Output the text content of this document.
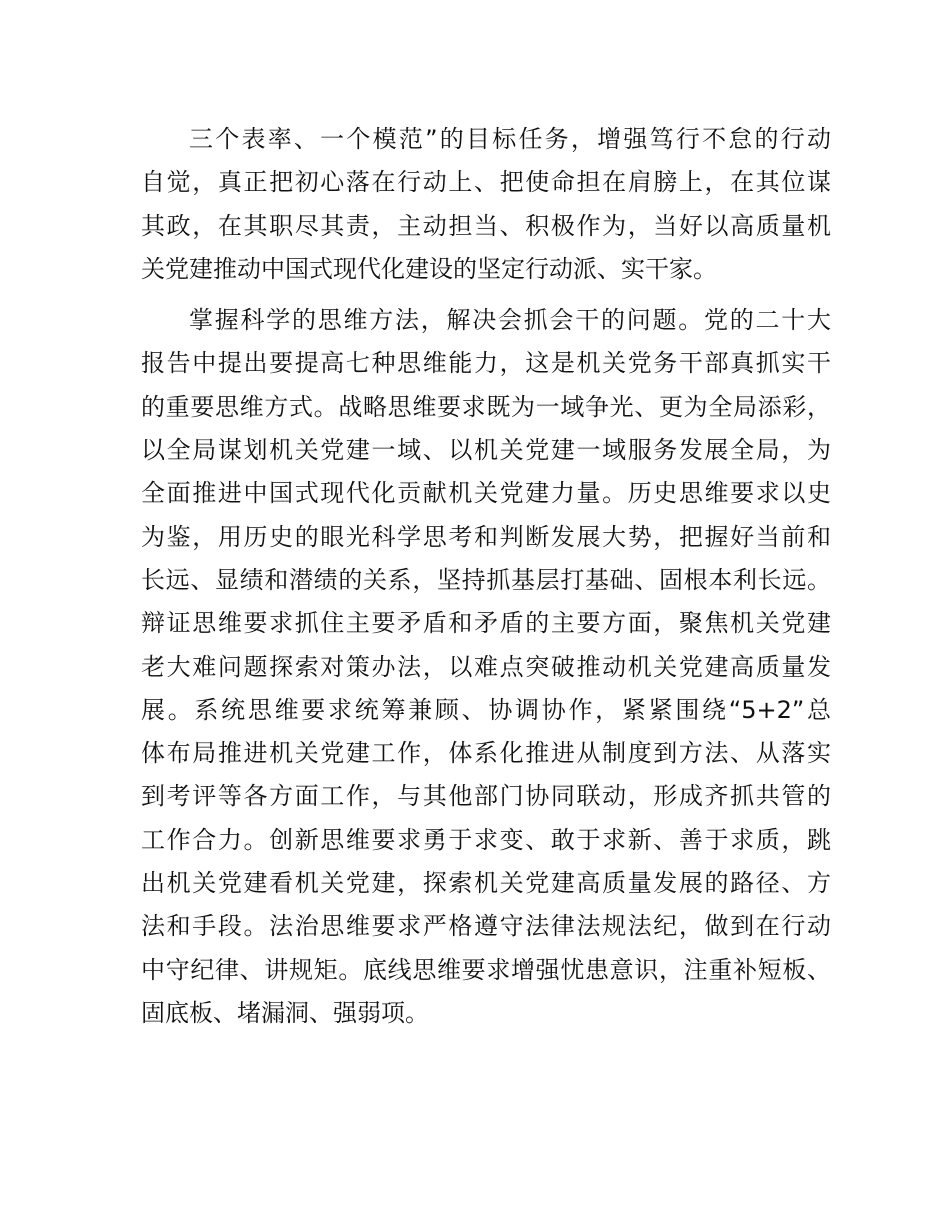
三个表率、一个模范”的目标任务，增强笃行不怠的行动
自觉，真正把初心落在行动上、把使命担在肩膀上，在其位谋
其政，在其职尽其责，主动担当、积极作为，当好以高质量机
关党建推动中国式现代化建设的坚定行动派、实干家。
掌握科学的思维方法，解决会抓会干的问题。党的二十大
报告中提出要提高七种思维能力，这是机关党务干部真抓实干
的重要思维方式。战略思维要求既为一域争光、更为全局添彩，
以全局谋划机关党建一域、以机关党建一域服务发展全局，为
全面推进中国式现代化贡献机关党建力量。历史思维要求以史
为鉴，用历史的眼光科学思考和判断发展大势，把握好当前和
长远、显绩和潜绩的关系，坚持抓基层打基础、固根本利长远。
辩证思维要求抓住主要矛盾和矛盾的主要方面，聚焦机关党建
老大难问题探索对策办法，以难点突破推动机关党建高质量发
展。系统思维要求统筹兼顾、协调协作，紧紧围绕“5+2”总
体布局推进机关党建工作，体系化推进从制度到方法、从落实
到考评等各方面工作，与其他部门协同联动，形成齐抓共管的
工作合力。创新思维要求勇于求变、敢于求新、善于求质，跳
出机关党建看机关党建，探索机关党建高质量发展的路径、方
法和手段。法治思维要求严格遵守法律法规法纪，做到在行动
中守纪律、讲规矩。底线思维要求增强忧患意识，注重补短板、
固底板、堵漏洞、强弱项。
